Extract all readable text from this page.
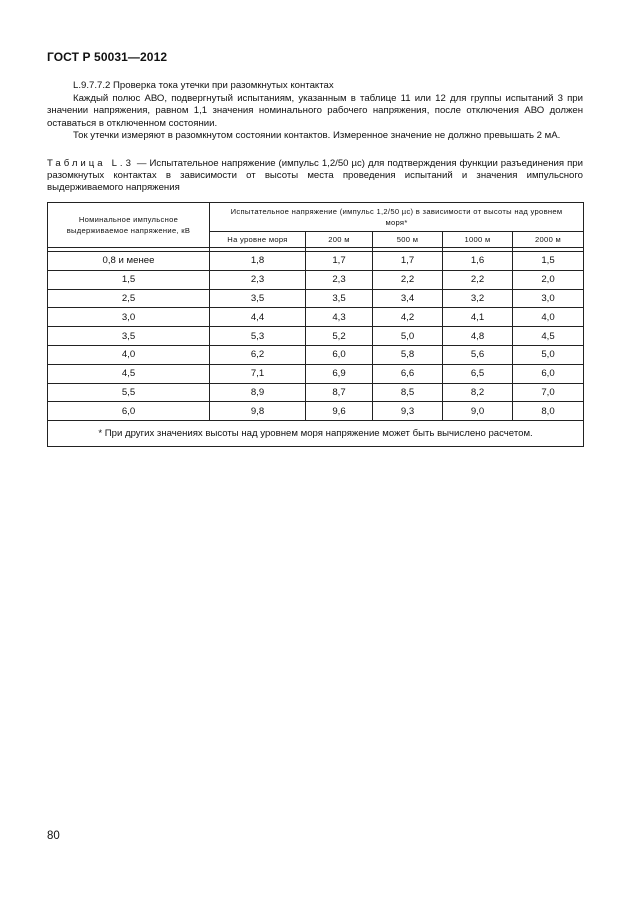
ГОСТ Р 50031—2012

L.9.7.7.2 Проверка тока утечки при разомкнутых контактах

Каждый полюс АВО, подвергнутый испытаниям, указанным в таблице 11 или 12 для группы испытаний 3 при значении напряжения, равном 1,1 значения номинального рабочего напряжения, после отключения АВО должен оставаться в отключенном состоянии.

Ток утечки измеряют в разомкнутом состоянии контактов. Измеренное значение не должно превышать 2 мА.

Таблица L.3 — Испытательное напряжение (импульс 1,2/50 µс) для подтверждения функции разъединения при разомкнутых контактах в зависимости от высоты места проведения испытаний и значения импульсного выдерживаемого напряжения
Номинальное импульсное выдерживаемое напряжение, кВ	Испытательное напряжение (импульс 1,2/50 µс) в зависимости от высоты над уровнем моря*				
	На уровне моря	200 м	500 м	1000 м	2000 м

0,8 и менее	1,8	1,7	1,7	1,6	1,5
1,5	2,3	2,3	2,2	2,2	2,0
2,5	3,5	3,5	3,4	3,2	3,0
3,0	4,4	4,3	4,2	4,1	4,0
3,5	5,3	5,2	5,0	4,8	4,5
4,0	6,2	6,0	5,8	5,6	5,0
4,5	7,1	6,9	6,6	6,5	6,0
5,5	8,9	8,7	8,5	8,2	7,0
6,0	9,8	9,6	9,3	9,0	8,0
* При других значениях высоты над уровнем моря напряжение может быть вычислено расчетом.					
80
